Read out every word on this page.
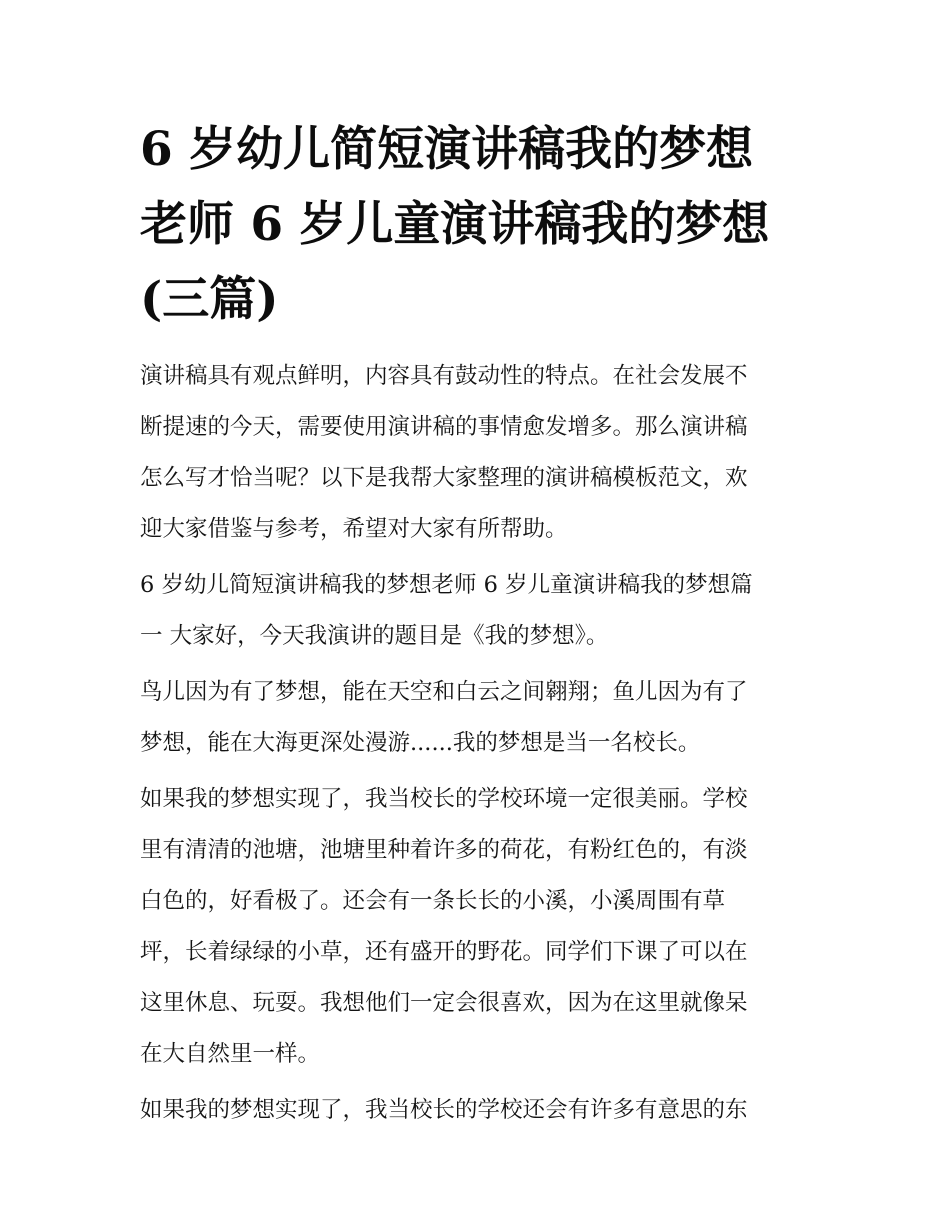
6 岁幼儿简短演讲稿我的梦想
老师 6 岁儿童演讲稿我的梦想
(三篇)

演讲稿具有观点鲜明，内容具有鼓动性的特点。在社会发展不
断提速的今天，需要使用演讲稿的事情愈发增多。那么演讲稿
怎么写才恰当呢？以下是我帮大家整理的演讲稿模板范文，欢
迎大家借鉴与参考，希望对大家有所帮助。

6 岁幼儿简短演讲稿我的梦想老师 6 岁儿童演讲稿我的梦想篇
一 大家好，今天我演讲的题目是《我的梦想》。

鸟儿因为有了梦想，能在天空和白云之间翱翔；鱼儿因为有了
梦想，能在大海更深处漫游......我的梦想是当一名校长。

如果我的梦想实现了，我当校长的学校环境一定很美丽。学校
里有清清的池塘，池塘里种着许多的荷花，有粉红色的，有淡
白色的，好看极了。还会有一条长长的小溪，小溪周围有草
坪，长着绿绿的小草，还有盛开的野花。同学们下课了可以在
这里休息、玩耍。我想他们一定会很喜欢，因为在这里就像呆
在大自然里一样。

如果我的梦想实现了，我当校长的学校还会有许多有意思的东
